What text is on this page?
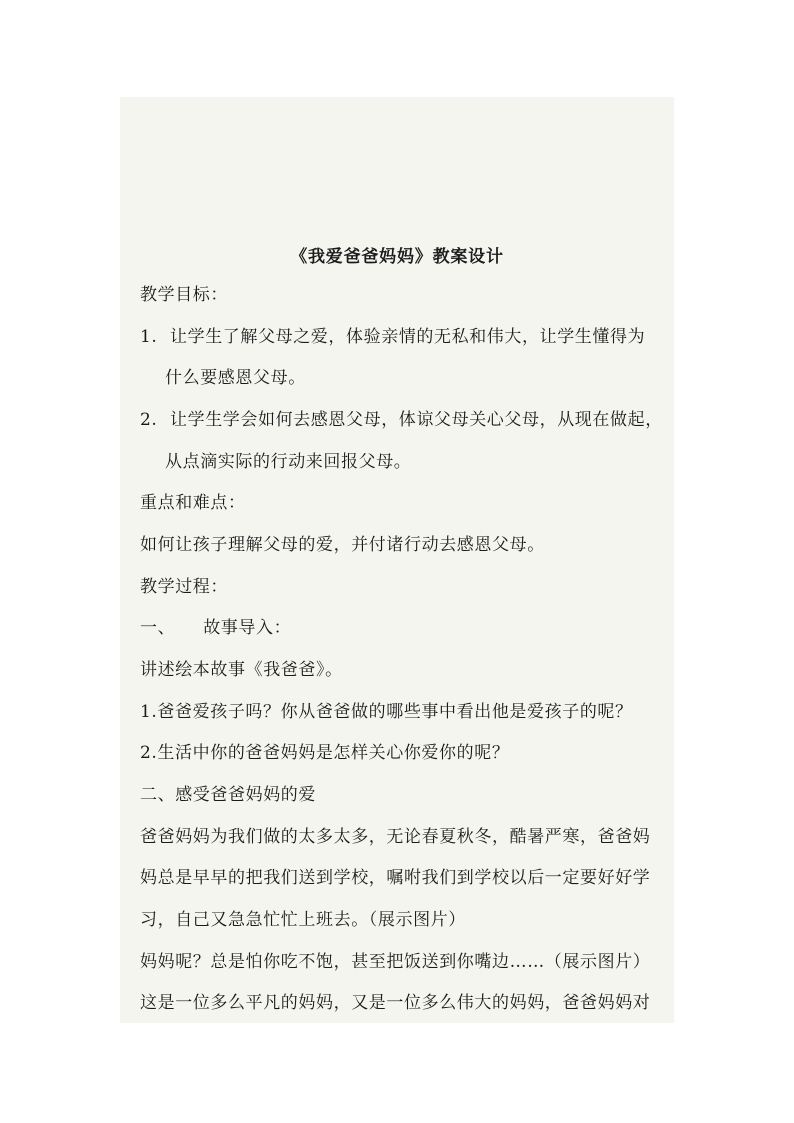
《我爱爸爸妈妈》教案设计
教学目标：
1. 让学生了解父母之爱，体验亲情的无私和伟大，让学生懂得为
什么要感恩父母。
2. 让学生学会如何去感恩父母，体谅父母关心父母，从现在做起，
从点滴实际的行动来回报父母。
重点和难点：
如何让孩子理解父母的爱，并付诸行动去感恩父母。
教学过程：
一、 故事导入：
讲述绘本故事《我爸爸》。
1.爸爸爱孩子吗？你从爸爸做的哪些事中看出他是爱孩子的呢？
2.生活中你的爸爸妈妈是怎样关心你爱你的呢？
二、感受爸爸妈妈的爱
爸爸妈妈为我们做的太多太多，无论春夏秋冬，酷暑严寒，爸爸妈
妈总是早早的把我们送到学校，嘱咐我们到学校以后一定要好好学
习，自己又急急忙忙上班去。（展示图片）
妈妈呢？总是怕你吃不饱，甚至把饭送到你嘴边……（展示图片）
这是一位多么平凡的妈妈，又是一位多么伟大的妈妈，爸爸妈妈对
